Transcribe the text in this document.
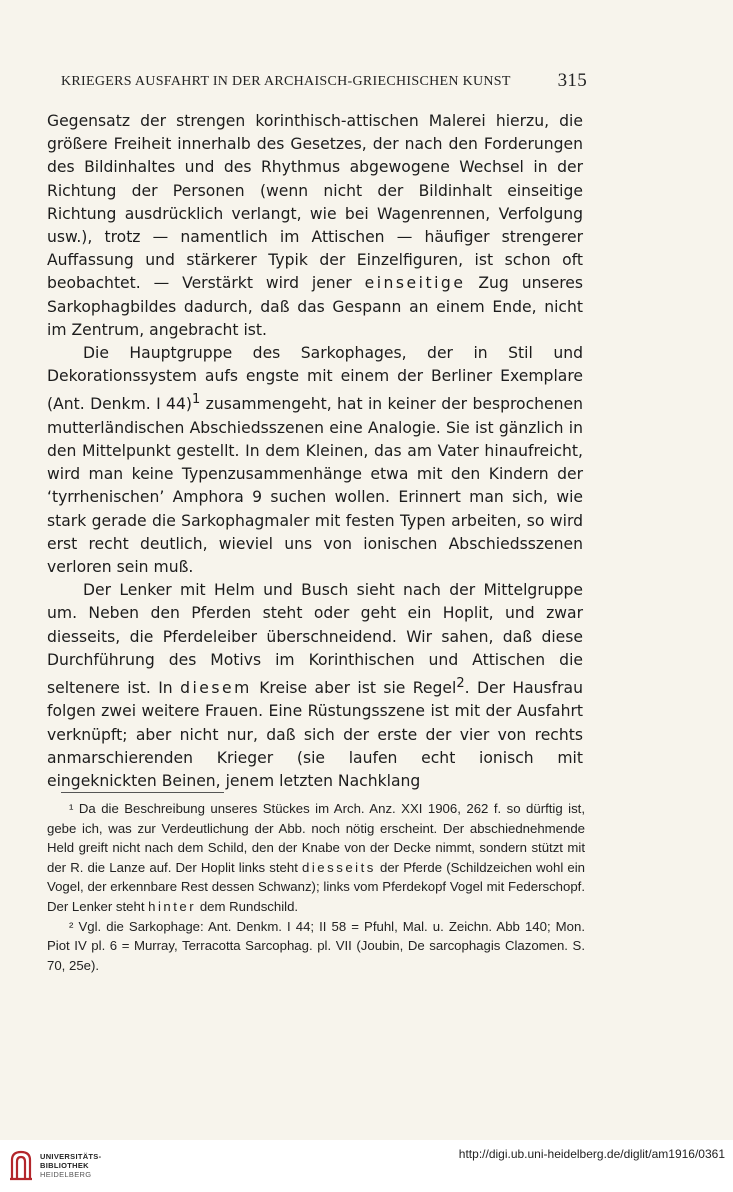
KRIEGERS AUSFAHRT IN DER ARCHAISCH-GRIECHISCHEN KUNST 315

Gegensatz der strengen korinthisch-attischen Malerei hierzu, die größere Freiheit innerhalb des Gesetzes, der nach den Forderungen des Bildinhaltes und des Rhythmus abgewogene Wechsel in der Richtung der Personen (wenn nicht der Bildinhalt einseitige Richtung ausdrücklich verlangt, wie bei Wagenrennen, Verfolgung usw.), trotz — namentlich im Attischen — häufiger strengerer Auffassung und stärkerer Typik der Einzelfiguren, ist schon oft beobachtet. — Verstärkt wird jener einseitige Zug unseres Sarkophagbildes dadurch, daß das Gespann an einem Ende, nicht im Zentrum, angebracht ist.

Die Hauptgruppe des Sarkophages, der in Stil und Dekorationssystem aufs engste mit einem der Berliner Exemplare (Ant. Denkm. I 44)$^1$ zusammengeht, hat in keiner der besprochenen mutterländischen Abschiedsszenen eine Analogie. Sie ist gänzlich in den Mittelpunkt gestellt. In dem Kleinen, das am Vater hinaufreicht, wird man keine Typenzusammenhänge etwa mit den Kindern der ‘tyrrhenischen’ Amphora 9 suchen wollen. Erinnert man sich, wie stark gerade die Sarkophagmaler mit festen Typen arbeiten, so wird erst recht deutlich, wieviel uns von ionischen Abschiedsszenen verloren sein muß.

Der Lenker mit Helm und Busch sieht nach der Mittelgruppe um. Neben den Pferden steht oder geht ein Hoplit, und zwar diesseits, die Pferdeleiber überschneidend. Wir sahen, daß diese Durchführung des Motivs im Korinthischen und Attischen die seltenere ist. In diesem Kreise aber ist sie Regel$^2$. Der Hausfrau folgen zwei weitere Frauen. Eine Rüstungsszene ist mit der Ausfahrt verknüpft; aber nicht nur, daß sich der erste der vier von rechts anmarschierenden Krieger (sie laufen echt ionisch mit eingeknickten Beinen, jenem letzten Nachklang

¹ Da die Beschreibung unseres Stückes im Arch. Anz. XXI 1906, 262 f. so dürftig ist, gebe ich, was zur Verdeutlichung der Abb. noch nötig erscheint. Der abschiednehmende Held greift nicht nach dem Schild, den der Knabe von der Decke nimmt, sondern stützt mit der R. die Lanze auf. Der Hoplit links steht diesseits der Pferde (Schildzeichen wohl ein Vogel, der erkennbare Rest dessen Schwanz); links vom Pferdekopf Vogel mit Federschopf. Der Lenker steht hinter dem Rundschild.

² Vgl. die Sarkophage: Ant. Denkm. I 44; II 58 = Pfuhl, Mal. u. Zeichn. Abb 140; Mon. Piot IV pl. 6 = Murray, Terracotta Sarcophag. pl. VII (Joubin, De sarcophagis Clazomen. S. 70, 25e).

UNIVERSITÄTS-
BIBLIOTHEK
HEIDELBERG
http://digi.ub.uni-heidelberg.de/diglit/am1916/0361
